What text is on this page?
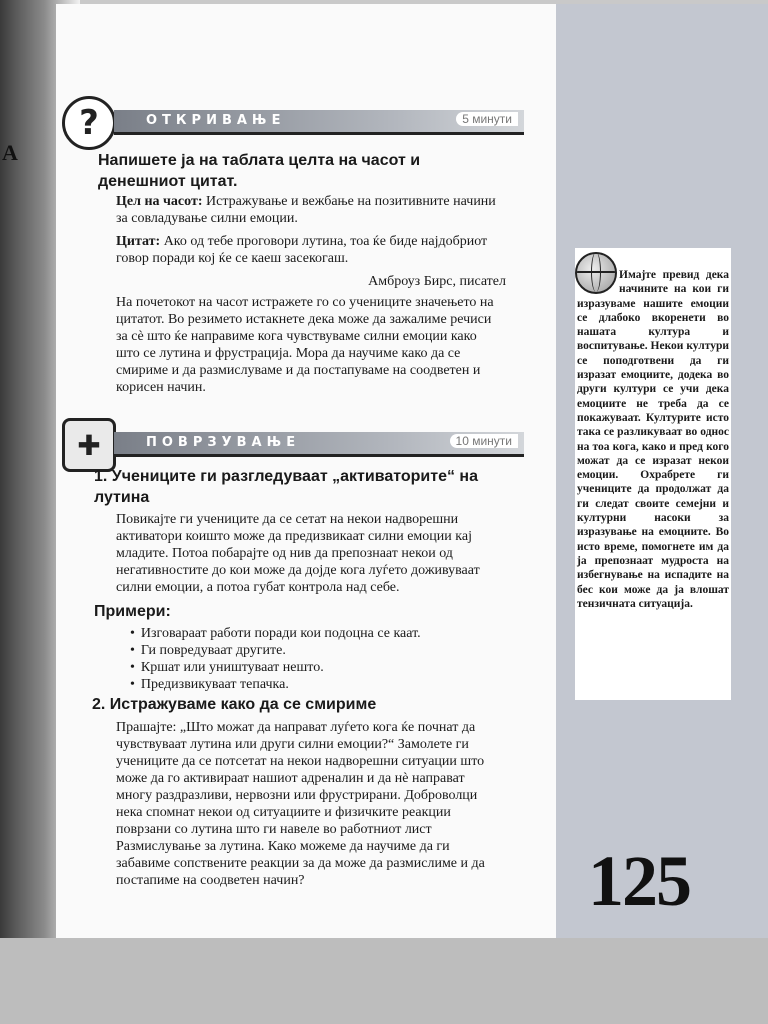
А
?	ОТКРИВАЊЕ	5 минути
Напишете ја на таблата целта на часот и денешниот цитат.
Цел на часот: Истражување и вежбање на позитивните начини за совладување силни емоции.
Цитат: Ако од тебе проговори лутина, тоа ќе биде најдобриот говор поради кој ќе се каеш засекогаш.
Амброуз Бирс, писател
На почетокот на часот истражете го со учениците значењето на цитатот. Во резимето истакнете дека може да зажалиме речиси за сè што ќе направиме кога чувствуваме силни емоции како што се лутина и фрустрација. Мора да научиме како да се смириме и да размислуваме и да постапуваме на соодветен и корисен начин.
✚	ПОВРЗУВАЊЕ	10 минути
1. Учениците ги разгледуваат „активаторите“ на лутина
Повикајте ги учениците да се сетат на некои надворешни активатори коишто може да предизвикаат силни емоции кај младите. Потоа побарајте од нив да препознаат некои од негативностите до кои може да дојде кога луѓето доживуваат силни емоции, а потоа губат контрола над себе.
Примери:
• Изговараат работи поради кои подоцна се каат.
• Ги повредуваат другите.
• Кршат или уништуваат нешто.
• Предизвикуваат тепачка.
2. Истражуваме како да се смириме
Прашајте: „Што можат да направат луѓето кога ќе почнат да чувствуваат лутина или други силни емоции?“ Замолете ги учениците да се потсетат на некои надворешни ситуации што може да го активираат нашиот адреналин и да нè направат многу раздразливи, нервозни или фрустрирани. Доброволци нека спомнат некои од ситуациите и физичките реакции поврзани со лутина што ги навеле во работниот лист Размислување за лутина. Како можеме да научиме да ги забавиме сопствените реакции за да може да размислиме и да постапиме на соодветен начин?
Имајте превид дека начините на кои ги изразуваме нашите емоции се длабоко вкоренети во нашата култура и воспитување. Некои култури се поподготвени да ги изразат емоциите, додека во други култури се учи дека емоциите не треба да се покажуваат. Културите исто така се разликуваат во однос на тоа кога, како и пред кого можат да се изразат некои емоции. Охрабрете ги учениците да продолжат да ги следат своите семејни и културни насоки за изразување на емоциите. Во исто време, помогнете им да ја препознаат мудроста на избегнување на испадите на бес кои може да ја влошат тензичната ситуација.
125
